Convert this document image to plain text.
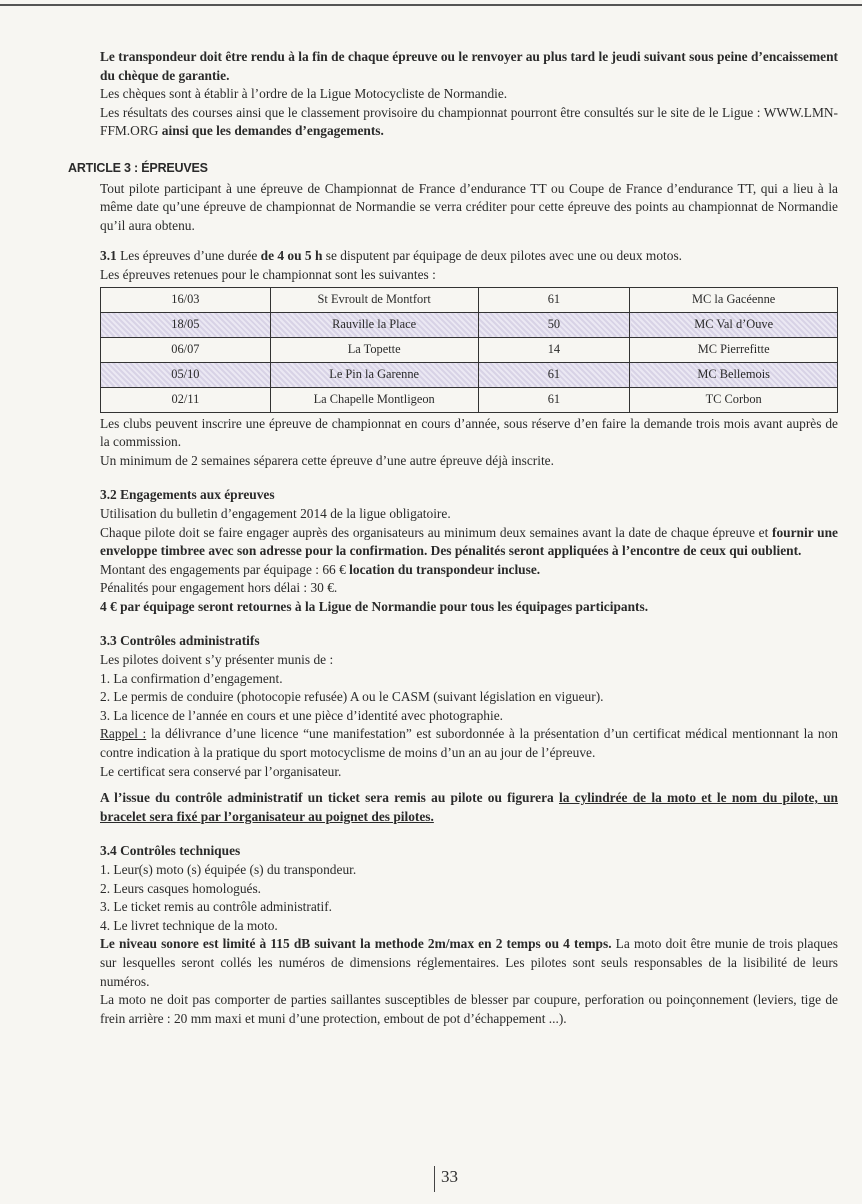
Le transpondeur doit être rendu à la fin de chaque épreuve ou le renvoyer au plus tard le jeudi suivant sous peine d’encaissement du chèque de garantie.

Les chèques sont à établir à l’ordre de la Ligue Motocycliste de Normandie.

Les résultats des courses ainsi que le classement provisoire du championnat pourront être consultés sur le site de le Ligue : WWW.LMN-FFM.ORG ainsi que les demandes d’engagements.

ARTICLE 3 : ÉPREUVES

Tout pilote participant à une épreuve de Championnat de France d’endurance TT ou Coupe de France d’endurance TT, qui a lieu à la même date qu’une épreuve de championnat de Normandie se verra créditer pour cette épreuve des points au championnat de Normandie qu’il aura obtenu.

3.1 Les épreuves d’une durée de 4 ou 5 h se disputent par équipage de deux pilotes avec une ou deux motos.

Les épreuves retenues pour le championnat sont les suivantes :

16/03	St Evroult de Montfort	61	MC la Gacéenne
18/05	Rauville la Place	50	MC Val d’Ouve
06/07	La Topette	14	MC Pierrefitte
05/10	Le Pin la Garenne	61	MC Bellemois
02/11	La Chapelle Montligeon	61	TC Corbon

Les clubs peuvent inscrire une épreuve de championnat en cours d’année, sous réserve d’en faire la demande trois mois avant auprès de la commission.

Un minimum de 2 semaines séparera cette épreuve d’une autre épreuve déjà inscrite.

3.2 Engagements aux épreuves

Utilisation du bulletin d’engagement 2014 de la ligue obligatoire.

Chaque pilote doit se faire engager auprès des organisateurs au minimum deux semaines avant la date de chaque épreuve et fournir une enveloppe timbree avec son adresse pour la confirmation. Des pénalités seront appliquées à l’encontre de ceux qui oublient.

Montant des engagements par équipage : 66 € location du transpondeur incluse.

Pénalités pour engagement hors délai : 30 €.

4 € par équipage seront retournes à la Ligue de Normandie pour tous les équipages participants.

3.3 Contrôles administratifs

Les pilotes doivent s’y présenter munis de :

1. La confirmation d’engagement.

2. Le permis de conduire (photocopie refusée) A ou le CASM (suivant législation en vigueur).

3. La licence de l’année en cours et une pièce d’identité avec photographie.

Rappel : la délivrance d’une licence “une manifestation” est subordonnée à la présentation d’un certificat médical mentionnant la non contre indication à la pratique du sport motocyclisme de moins d’un an au jour de l’épreuve.

Le certificat sera conservé par l’organisateur.

A l’issue du contrôle administratif un ticket sera remis au pilote ou figurera la cylindrée de la moto et le nom du pilote, un bracelet sera fixé par l’organisateur au poignet des pilotes.

3.4 Contrôles techniques

1. Leur(s) moto (s) équipée (s) du transpondeur.

2. Leurs casques homologués.

3. Le ticket remis au contrôle administratif.

4. Le livret technique de la moto.

Le niveau sonore est limité à 115 dB suivant la methode 2m/max en 2 temps ou 4 temps. La moto doit être munie de trois plaques sur lesquelles seront collés les numéros de dimensions réglementaires. Les pilotes sont seuls responsables de la lisibilité de leurs numéros.

La moto ne doit pas comporter de parties saillantes susceptibles de blesser par coupure, perforation ou poinçonnement (leviers, tige de frein arrière : 20 mm maxi et muni d’une protection, embout de pot d’échappement ...).

33
